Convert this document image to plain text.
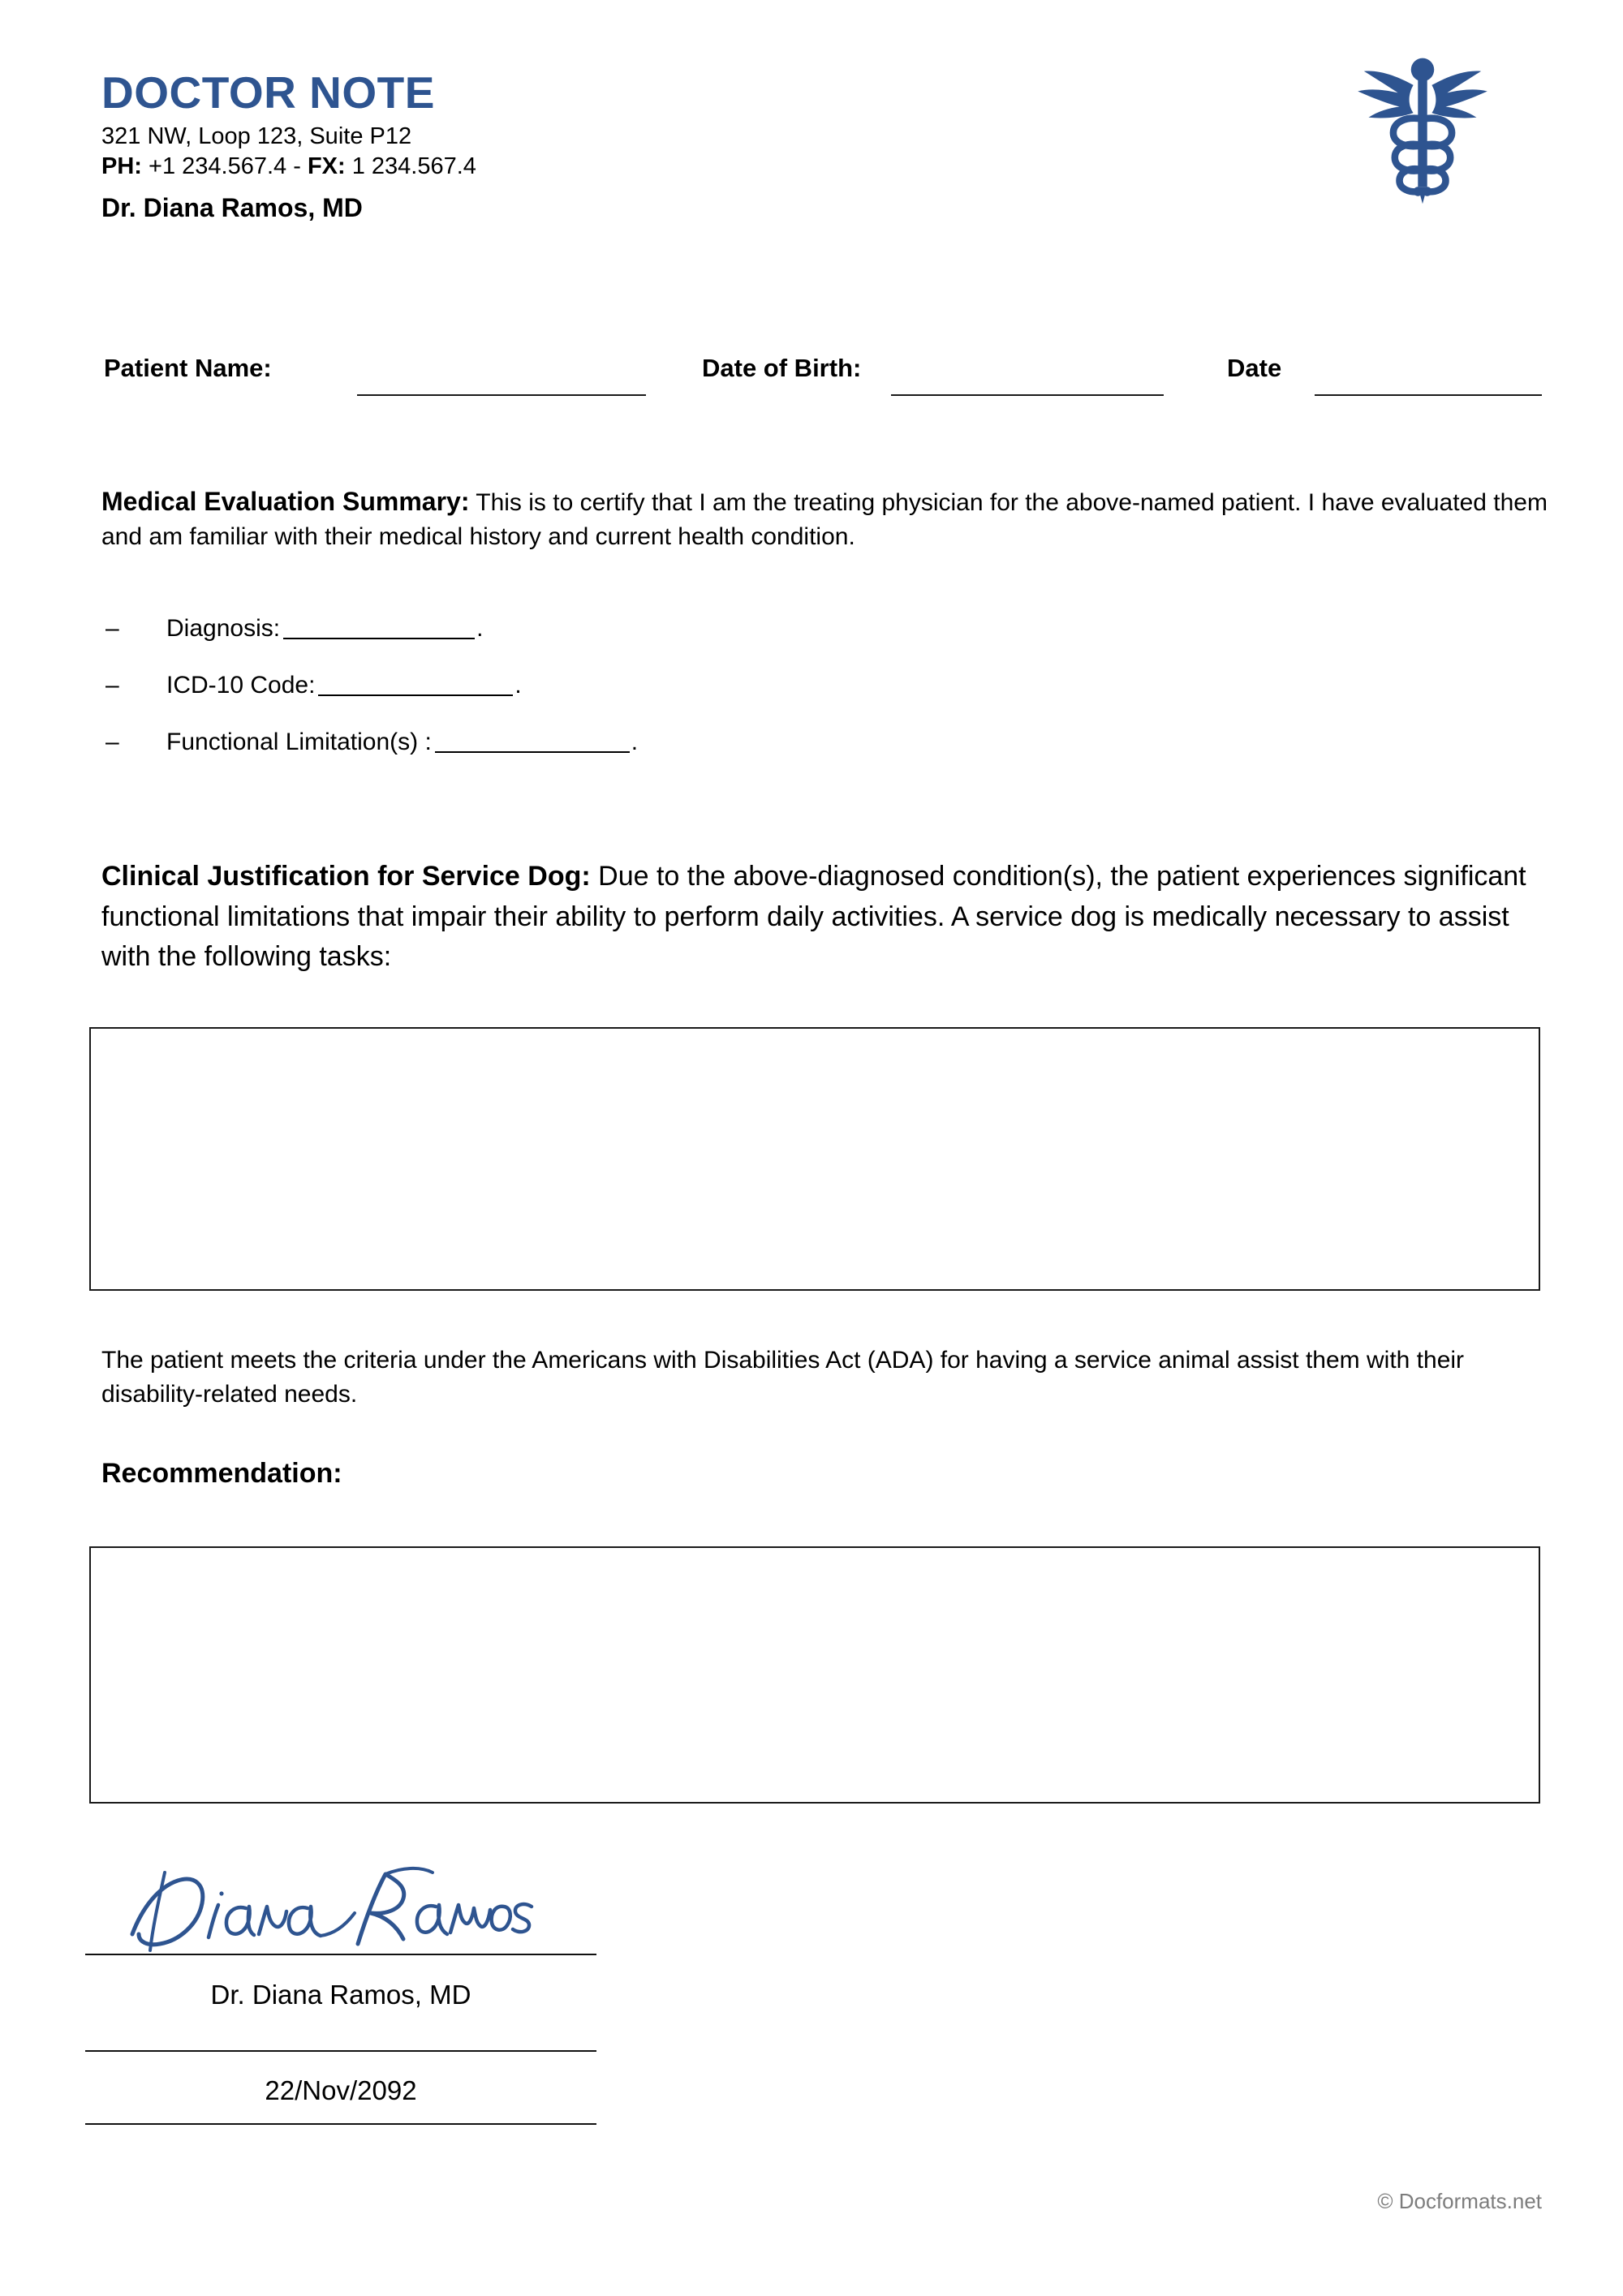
DOCTOR NOTE
321 NW, Loop 123, Suite P12
PH: +1 234.567.4 - FX: 1 234.567.4
Dr. Diana Ramos, MD
Patient Name:	Date of Birth:	Date
Medical Evaluation Summary: This is to certify that I am the treating physician for the above-named patient. I have evaluated them and am familiar with their medical history and current health condition.
– Diagnosis:	.
– ICD-10 Code:	.
– Functional Limitation(s) :	.
Clinical Justification for Service Dog: Due to the above-diagnosed condition(s), the patient experiences significant functional limitations that impair their ability to perform daily activities. A service dog is medically necessary to assist with the following tasks:
The patient meets the criteria under the Americans with Disabilities Act (ADA) for having a service animal assist them with their disability-related needs.
Recommendation:
Dr. Diana Ramos, MD
22/Nov/2092
© Docformats.net
